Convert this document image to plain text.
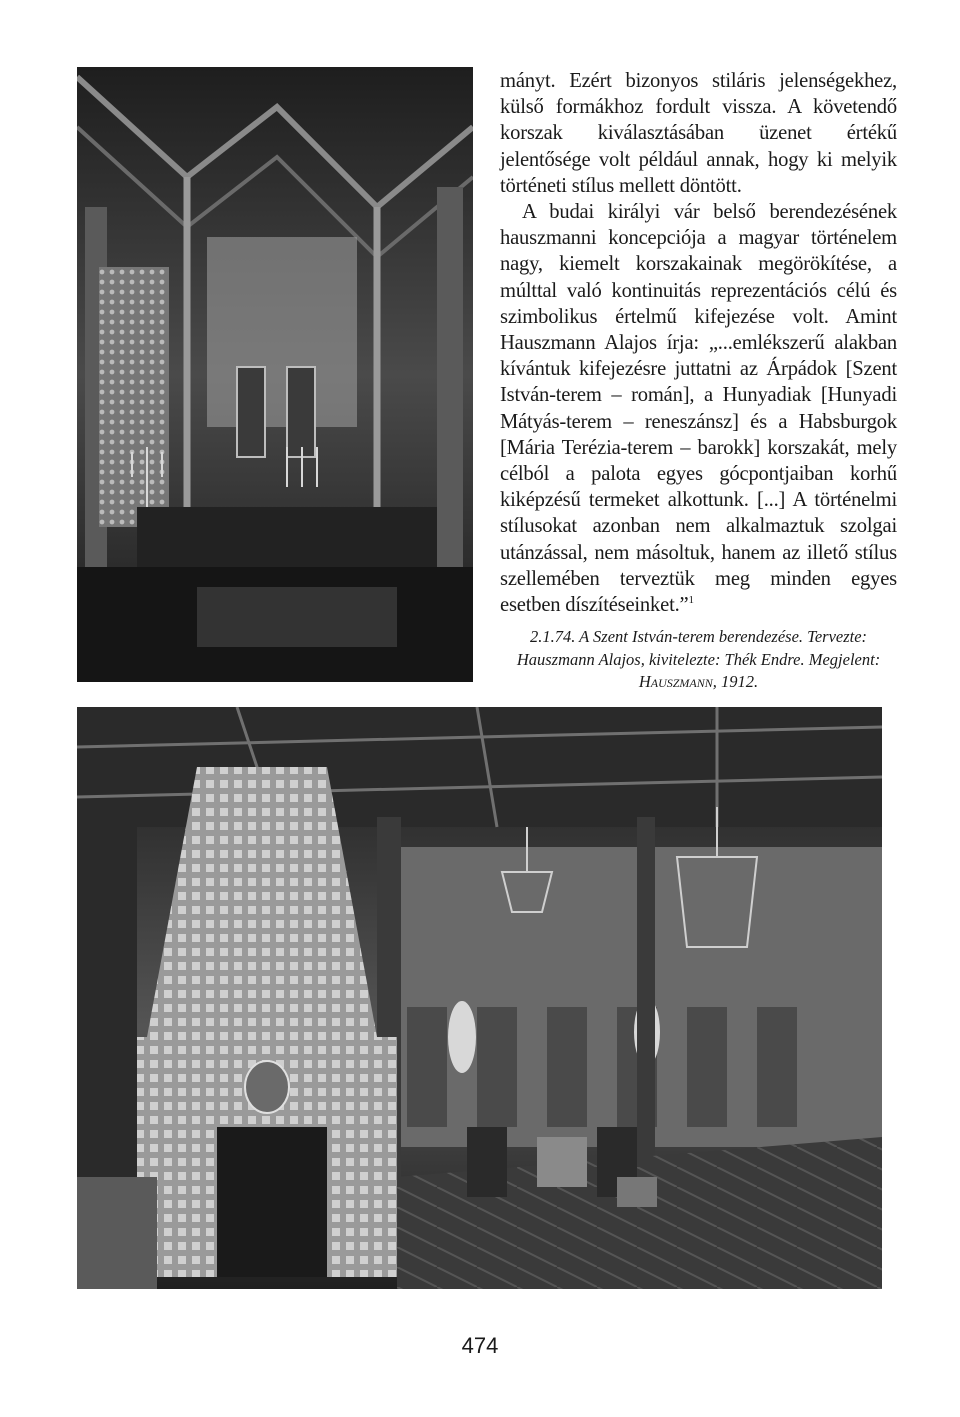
mányt. Ezért bizonyos stiláris jelenségekhez, külső formákhoz fordult vissza. A követendő korszak kiválasztásában üzenet értékű jelentősége volt például annak, hogy ki melyik történeti stílus mellett döntött.

A budai királyi vár belső berendezésének hauszmanni koncepciója a magyar történelem nagy, kiemelt korszakainak megörökítése, a múlttal való kontinuitás reprezentációs célú és szimbolikus értelmű kifejezése volt. Amint Hauszmann Alajos írja: „...emlékszerű alakban kívántuk kifejezésre juttatni az Árpádok [Szent István-terem – román], a Hunyadiak [Hunyadi Mátyás-terem – reneszánsz] és a Habsburgok [Mária Terézia-terem – barokk] korszakát, mely célból a palota egyes gócpontjaiban korhű kiképzésű termeket alkottunk. [...] A történelmi stílusokat azonban nem alkalmaztuk szolgai utánzással, nem másoltuk, hanem az illető stílus szellemében terveztük meg minden egyes esetben díszítéseinket.”$^1$

2.1.74. A Szent István-terem berendezése. Tervezte: Hauszmann Alajos, kivitelezte: Thék Endre. Megjelent: Hauszmann, 1912.
474
